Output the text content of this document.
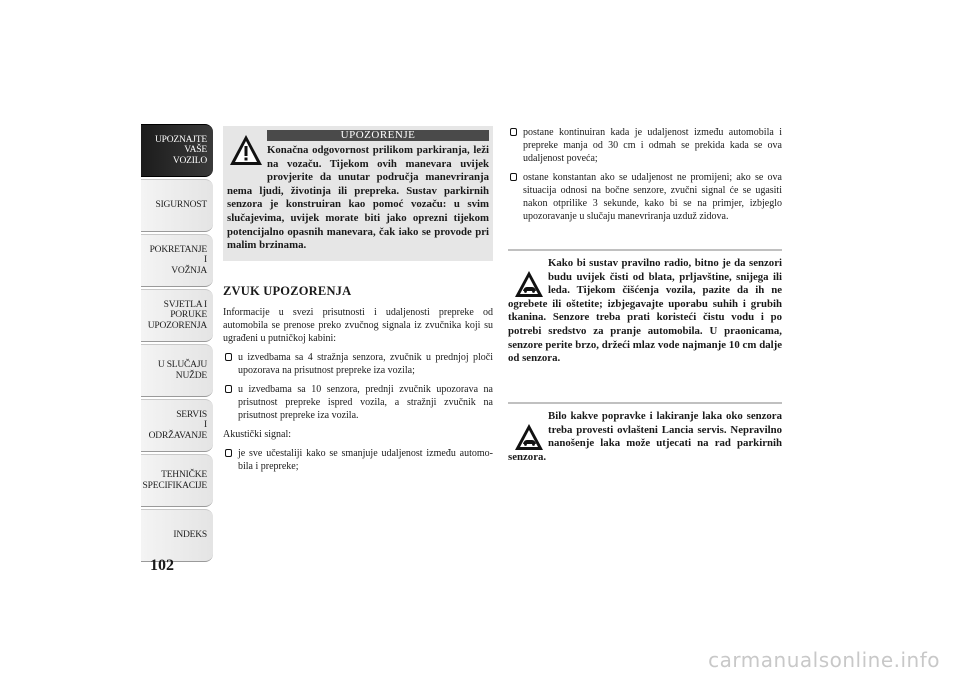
UPOZNAJTE
VAŠE
VOZILO
SIGURNOST
POKRETANJE
I
VOŽNJA
SVJETLA I
PORUKE
UPOZORENJA
U SLUČAJU
NUŽDE
SERVIS
I
ODRŽAVANJE
TEHNIČKE
SPECIFIKACIJE
INDEKS
102
UPOZORENJE

Konačna odgovornost prilikom parkiranja, leži na vozaču. Tijekom ovih manevara uvijek provjerite da unutar područja manevriranja nema ljudi, životinja ili prepreka. Sustav parkirnih senzora je konstruiran kao pomoć vozaču: u svim slučajevima, uvijek morate biti jako oprezni tijekom potencijalno opasnih manevara, čak iako se provode pri malim brzinama.

ZVUK UPOZORENJA

Informacije u svezi prisutnosti i udaljenosti prepreke od automobila se prenose preko zvučnog signala iz zvučnika koji su ugrađeni u putničkoj kabini:

u izvedbama sa 4 stražnja senzora, zvučnik u prednjoj ploči upozorava na prisutnost prepreke iza vozila;
u izvedbama sa 10 senzora, prednji zvučnik upozorava na prisutnost prepreke ispred vozila, a stražnji zvučnik na prisutnost prepreke iza vozila.

Akustički signal:

je sve učestaliji kako se smanjuje udaljenost između automo- bila i prepreke;
postane kontinuiran kada je udaljenost između automobila i prepreke manja od 30 cm i odmah se prekida kada se ova udaljenost poveća;
ostane konstantan ako se udaljenost ne promijeni; ako se ova situacija odnosi na bočne senzore, zvučni signal će se ugasiti nakon otprilike 3 sekunde, kako bi se na primjer, izbjeglo upozoravanje u slučaju manevriranja uzduž zidova.
Kako bi sustav pravilno radio, bitno je da senzori budu uvijek čisti od blata, prljavštine, snijega ili leda. Tijekom čišćenja vozila, pazite da ih ne ogrebete ili oštetite; izbjegavajte uporabu suhih i grubih tkanina. Senzore treba prati koristeći čistu vodu i po potrebi sredstvo za pranje automobila. U praonicama, senzore perite brzo, držeći mlaz vode najmanje 10 cm dalje od senzora.
Bilo kakve popravke i lakiranje laka oko senzora treba provesti ovlašteni Lancia servis. Nepravilno nanošenje laka može utjecati na rad parkirnih senzora.
carmanualsonline.info
